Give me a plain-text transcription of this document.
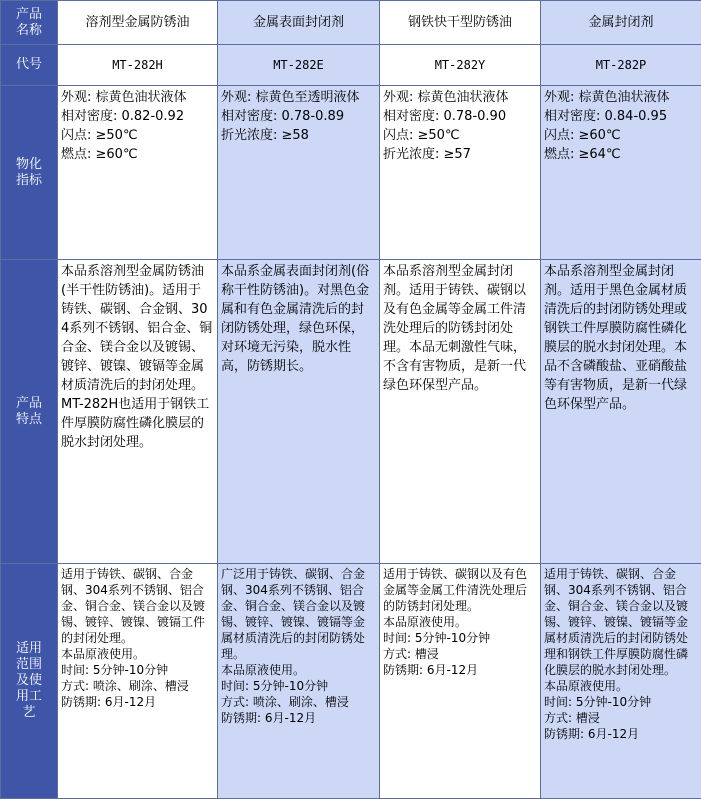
产品
名称	溶剂型金属防锈油	金属表面封闭剂	钢铁快干型防锈油	金属封闭剂
代号	MT-282H	MT-282E	MT-282Y	MT-282P
物化
指标	外观: 棕黄色油状液体
相对密度: 0.82-0.92
闪点: ≥50℃
燃点: ≥60℃	外观: 棕黄色至透明液体
相对密度: 0.78-0.89
折光浓度: ≥58	外观: 棕黄色油状液体
相对密度: 0.78-0.90
闪点: ≥50℃
折光浓度: ≥57	外观: 棕黄色油状液体
相对密度: 0.84-0.95
闪点: ≥60℃
燃点: ≥64℃
产品
特点	本品系溶剂型金属防锈油(半干性防锈油)。适用于铸铁、碳钢、合金钢、304系列不锈钢、铝合金、铜合金、镁合金以及镀锡、镀锌、镀镍、镀镉等金属材质清洗后的封闭处理。MT-282H也适用于钢铁工件厚膜防腐性磷化膜层的脱水封闭处理。	本品系金属表面封闭剂(俗称干性防锈油)。对黑色金属和有色金属清洗后的封闭防锈处理，绿色环保，对环境无污染，脱水性高，防锈期长。	本品系溶剂型金属封闭剂。适用于铸铁、碳钢以及有色金属等金属工件清洗处理后的防锈封闭处理。本品无刺激性气味，不含有害物质，是新一代绿色环保型产品。	本品系溶剂型金属封闭剂。适用于黑色金属材质清洗后的封闭防锈处理或钢铁工件厚膜防腐性磷化膜层的脱水封闭处理。本品不含磷酸盐、亚硝酸盐等有害物质，是新一代绿色环保型产品。
适用
范围
及使
用工
艺	适用于铸铁、碳钢、合金钢、304系列不锈钢、铝合金、铜合金、镁合金以及镀锡、镀锌、镀镍、镀镉工件的封闭处理。
本品原液使用。
时间: 5分钟-10分钟
方式: 喷涂、刷涂、槽浸
防锈期: 6月-12月	广泛用于铸铁、碳钢、合金钢、304系列不锈钢、铝合金、铜合金、镁合金以及镀锡、镀锌、镀镍、镀镉等金属材质清洗后的封闭防锈处理。
本品原液使用。
时间: 5分钟-10分钟
方式: 喷涂、刷涂、槽浸
防锈期: 6月-12月	适用于铸铁、碳钢以及有色金属等金属工件清洗处理后的防锈封闭处理。
本品原液使用。
时间: 5分钟-10分钟
方式: 槽浸
防锈期: 6月-12月	适用于铸铁、碳钢、合金钢、304系列不锈钢、铝合金、铜合金、镁合金以及镀锡、镀锌、镀镍、镀镉等金属材质清洗后的封闭防锈处理和钢铁工件厚膜防腐性磷化膜层的脱水封闭处理。
本品原液使用。
时间: 5分钟-10分钟
方式: 槽浸
防锈期: 6月-12月
